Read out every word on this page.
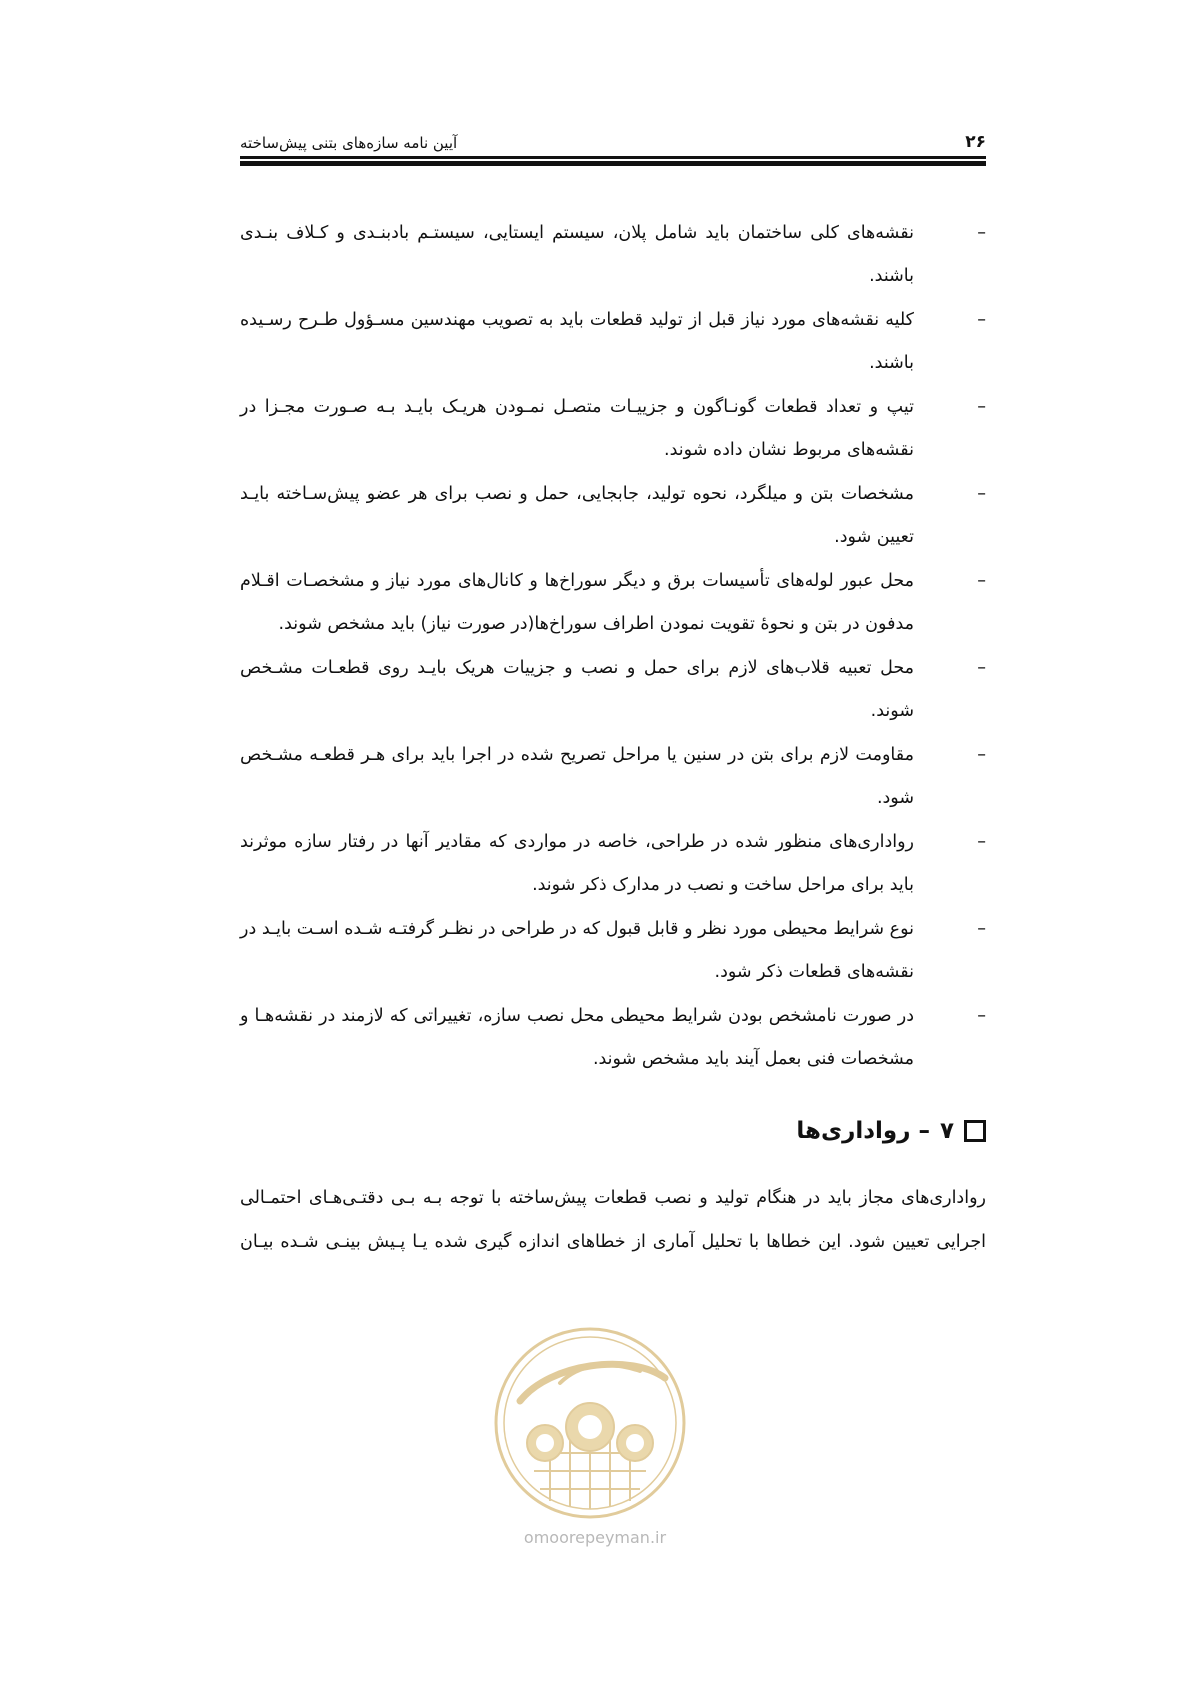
۲۶
آیین نامه سازه‌های بتنی پیش‌ساخته
–
نقشه‌های کلی ساختمان باید شامل پلان، سیستم ایستایی، سیستـم بادبنـدی و کـلاف بنـدی باشند.
–
کلیه نقشه‌های مورد نیاز قبل از تولید قطعات باید به تصویب مهندسین مسـؤول طـرح رسـیده باشند.
–
تیپ و تعداد قطعات گونـاگون و جزییـات متصـل نمـودن هریـک بایـد بـه صـورت مجـزا در نقشه‌های مربوط نشان داده شوند.
–
مشخصات بتن و میلگرد، نحوه تولید، جابجایی، حمل و نصب برای هر عضو پیش‌سـاخته بایـد تعیین شود.
–
محل عبور لوله‌های تأسیسات برق و دیگر سوراخ‌ها و کانال‌های مورد نیاز و مشخصـات اقـلام مدفون در بتن و نحوهٔ تقویت نمودن اطراف سوراخ‌ها(در صورت نیاز) باید مشخص شوند.
–
محل تعبیه قلاب‌های لازم برای حمل و نصب و جزییات هریک بایـد روی قطعـات مشـخص شوند.
–
مقاومت لازم برای بتن در سنین یا مراحل تصریح شده در اجرا باید برای هـر قطعـه مشـخص شود.
–
رواداری‌های منظور شده در طراحی، خاصه در مواردی که مقادیر آنها در رفتار سازه موثرند باید برای مراحل ساخت و نصب در مدارک ذکر شوند.
–
نوع شرایط محیطی مورد نظر و قابل قبول که در طراحی در نظـر گرفتـه شـده اسـت بایـد در نقشه‌های قطعات ذکر شود.
–
در صورت نامشخص بودن شرایط محیطی محل نصب سازه، تغییراتی که لازمند در نقشه‌هـا و مشخصات فنی بعمل آیند باید مشخص شوند.
۷
– رواداری‌ها
رواداری‌های مجاز باید در هنگام تولید و نصب قطعات پیش‌ساخته با توجه بـه بـی دقتـی‌هـای احتمـالی اجرایی تعیین شود. این خطاها با تحلیل آماری از خطاهای اندازه گیری شده یـا پـیش بینـی شـده بیـان
omoorepeyman.ir
